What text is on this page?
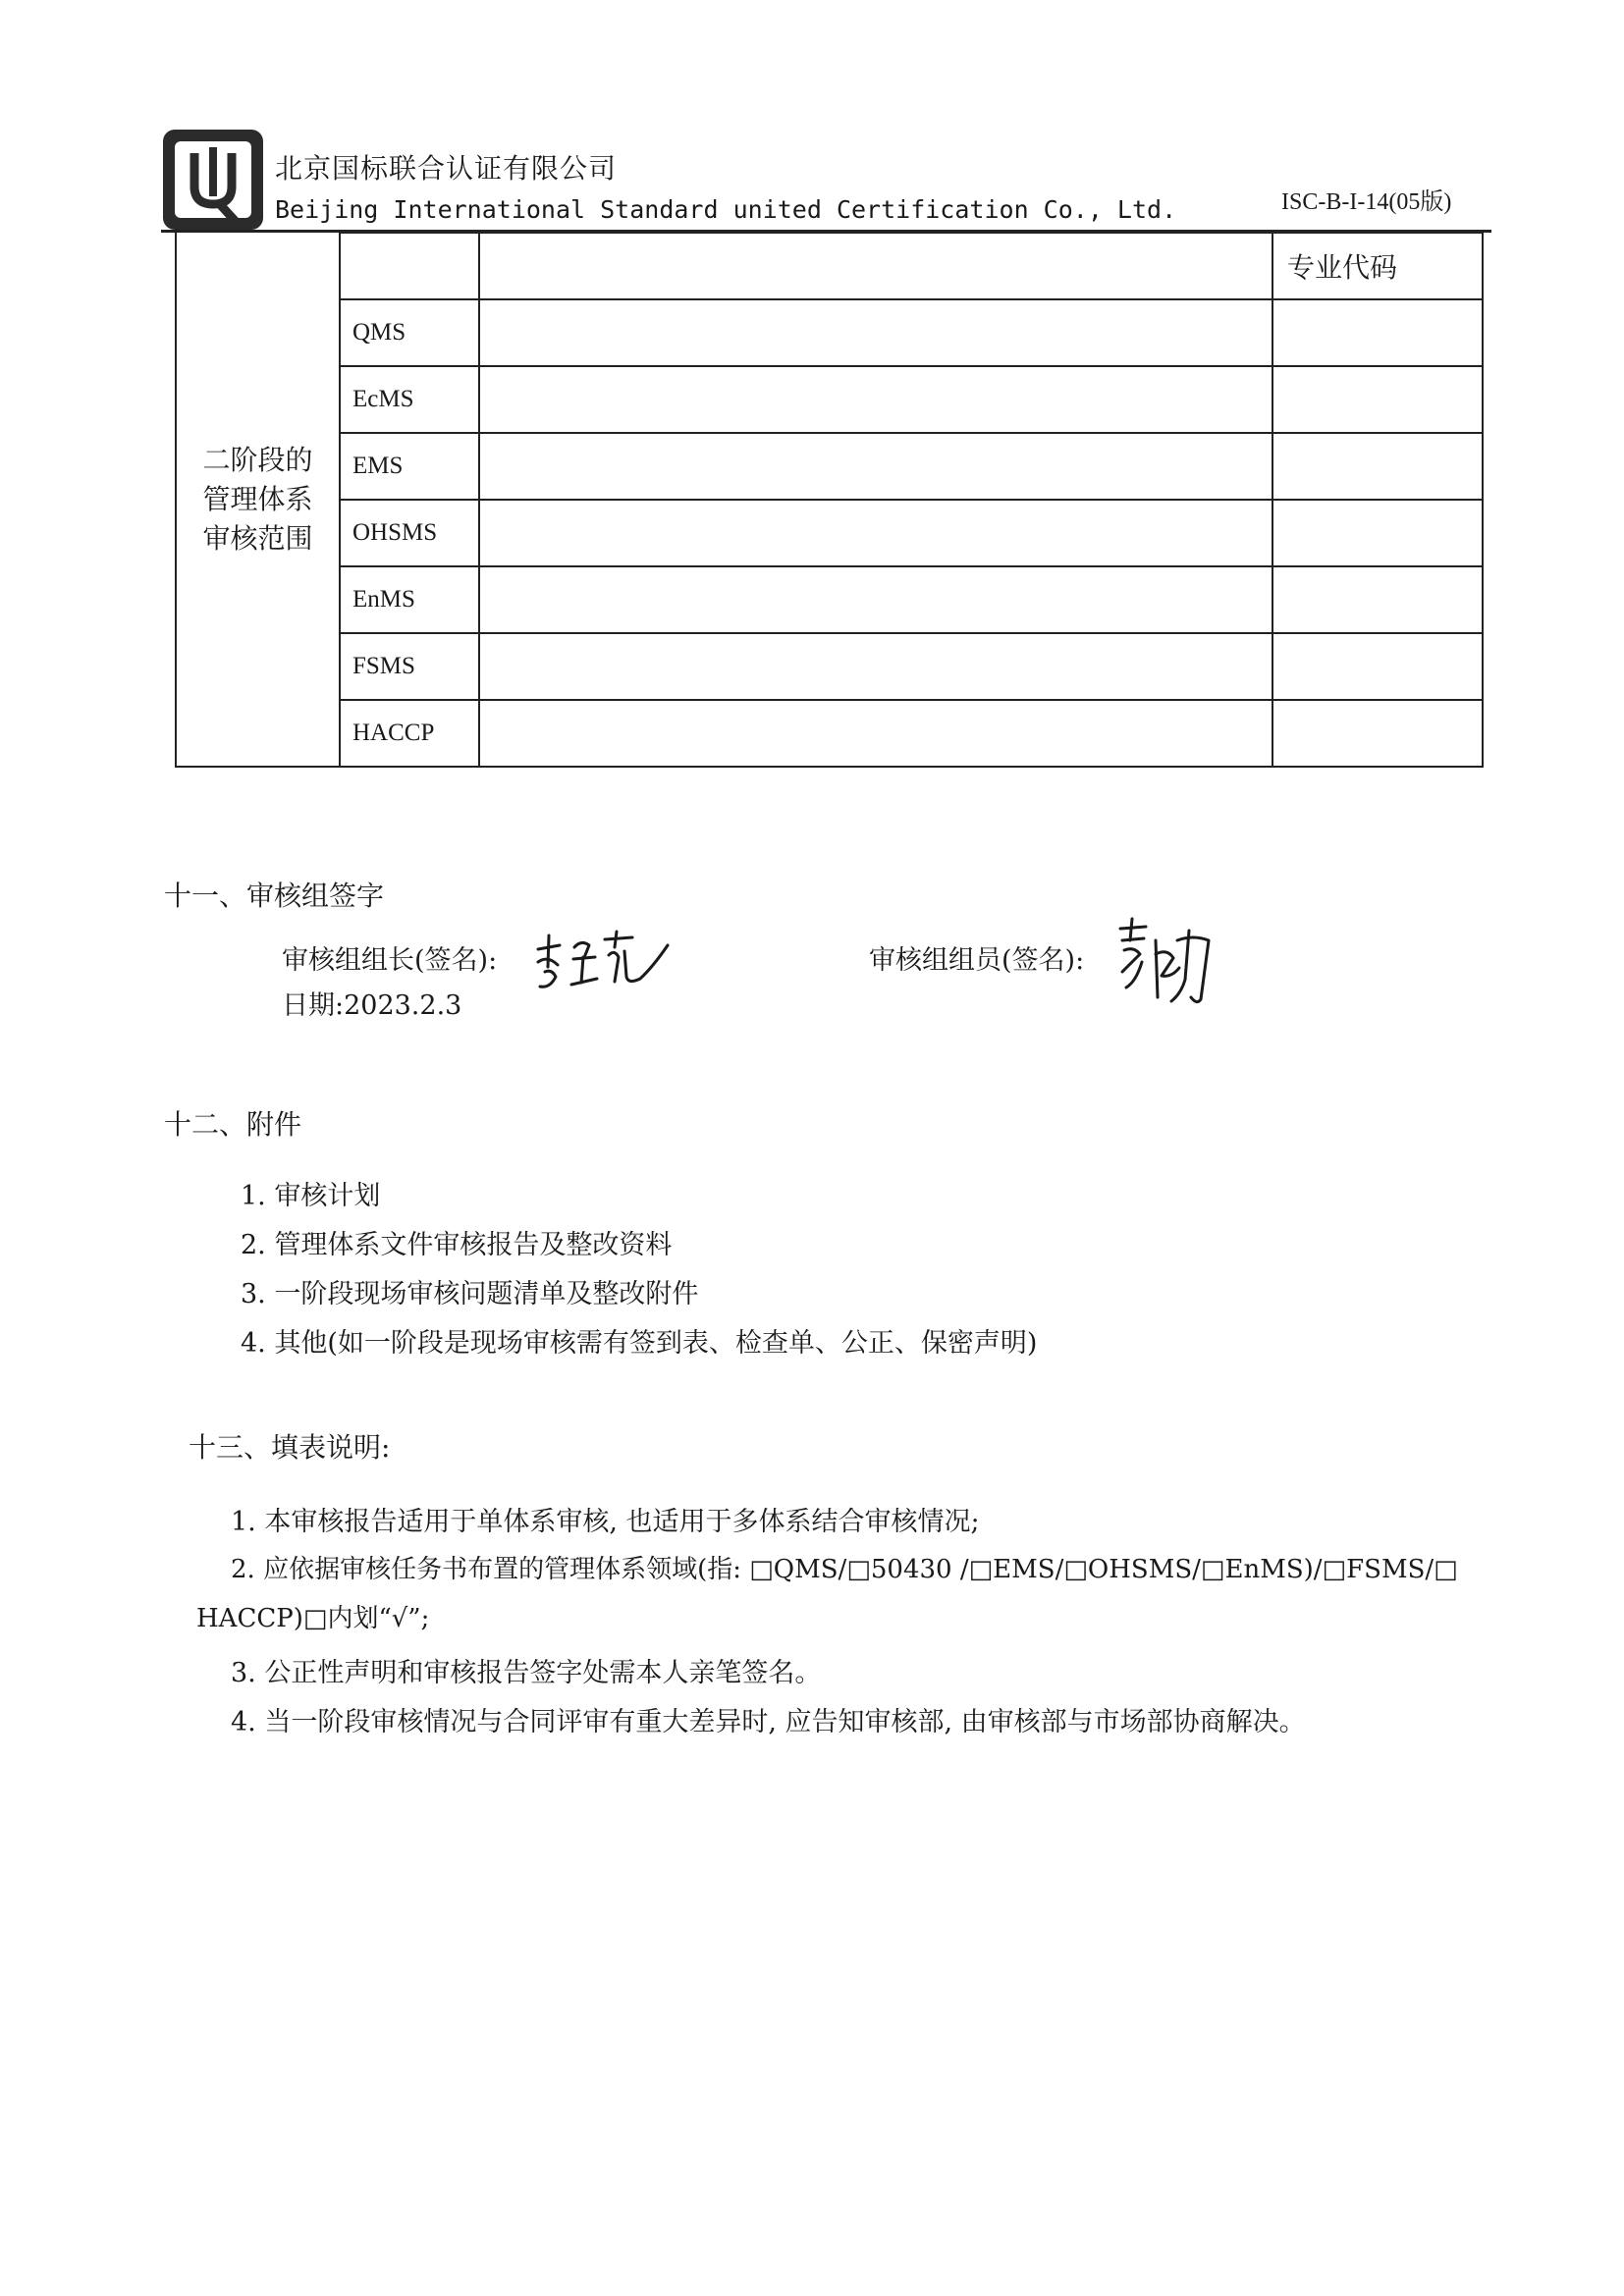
北京国标联合认证有限公司
Beijing International Standard united Certification Co., Ltd.	ISC-B-I-14(05版)
二阶段的
管理体系
审核范围			专业代码
	QMS		
	EcMS		
	EMS		
	OHSMS		
	EnMS		
	FSMS		
	HACCP		
十一、审核组签字
审核组组长(签名):
日期:2023.2.3
审核组组员(签名):
十二、附件
1. 审核计划
2. 管理体系文件审核报告及整改资料
3. 一阶段现场审核问题清单及整改附件
4. 其他(如一阶段是现场审核需有签到表、检查单、公正、保密声明)
十三、填表说明:
1. 本审核报告适用于单体系审核, 也适用于多体系结合审核情况;
2. 应依据审核任务书布置的管理体系领域(指: □QMS/□50430 /□EMS/□OHSMS/□EnMS)/□FSMS/□
HACCP)□内划“√”;
3. 公正性声明和审核报告签字处需本人亲笔签名。
4. 当一阶段审核情况与合同评审有重大差异时, 应告知审核部, 由审核部与市场部协商解决。
